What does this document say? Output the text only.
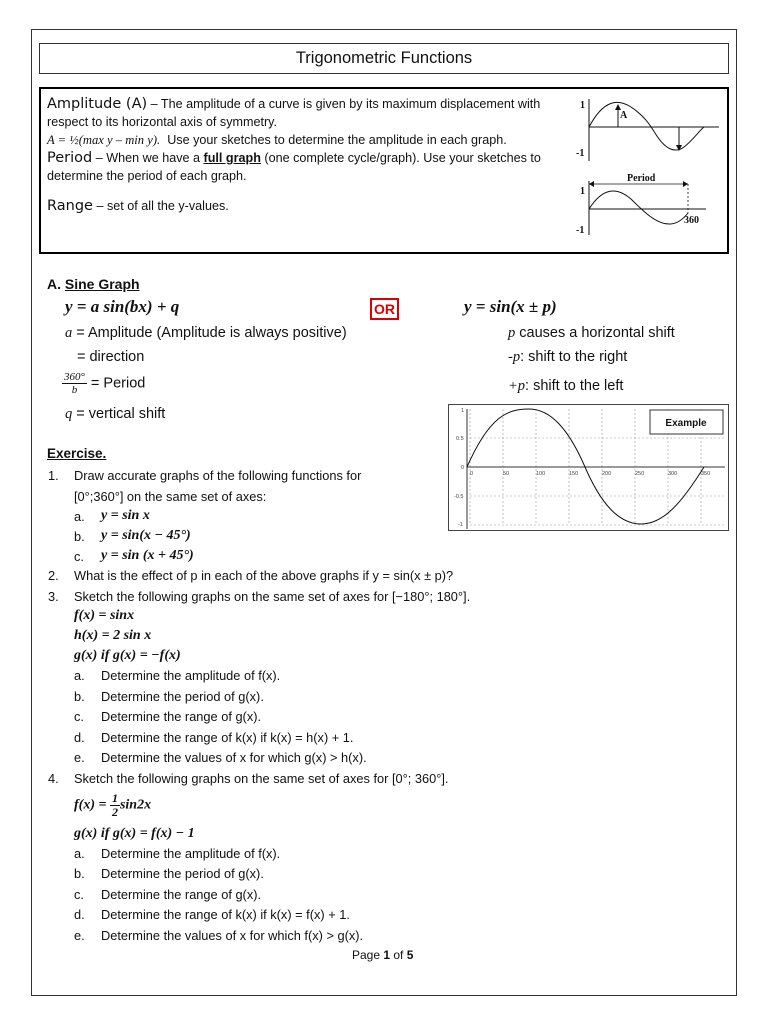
Trigonometric Functions
Amplitude (A) – The amplitude of a curve is given by its maximum displacement with respect to its horizontal axis of symmetry.
A = ½(max y – min y). Use your sketches to determine the amplitude in each graph.
Period – When we have a full graph (one complete cycle/graph). Use your sketches to determine the period of each graph.
Range – set of all the y-values.
1
-1
A
1
-1
Period
360
A. Sine Graph
y = a sin(bx) + q	OR	y = sin(x ± p)
a = Amplitude (Amplitude is always positive)
= direction
$\frac{360^\circ}{b}$ = Period
q = vertical shift
p causes a horizontal shift
-p: shift to the right
+p: shift to the left
1
0.5
0
-0.5
-1
0	50	100	150	200	250	300	350
Example
Exercise.
1. Draw accurate graphs of the following functions for
[0°;360°] on the same set of axes:
a. y = sin x
b. y = sin(x − 45°)
c. y = sin (x + 45°)
2. What is the effect of p in each of the above graphs if y = sin(x ± p)?
3. Sketch the following graphs on the same set of axes for [−180°; 180°].
f(x) = sinx
h(x) = 2 sin x
g(x) if g(x) = −f(x)
a. Determine the amplitude of f(x).
b. Determine the period of g(x).
c. Determine the range of g(x).
d. Determine the range of k(x) if k(x) = h(x) + 1.
e. Determine the values of x for which g(x) > h(x).
4. Sketch the following graphs on the same set of axes for [0°; 360°].
$f(x) = \frac{1}{2} \sin 2x$
g(x) if g(x) = f(x) − 1
a. Determine the amplitude of f(x).
b. Determine the period of g(x).
c. Determine the range of g(x).
d. Determine the range of k(x) if k(x) = f(x) + 1.
e. Determine the values of x for which f(x) > g(x).
Page 1 of 5
